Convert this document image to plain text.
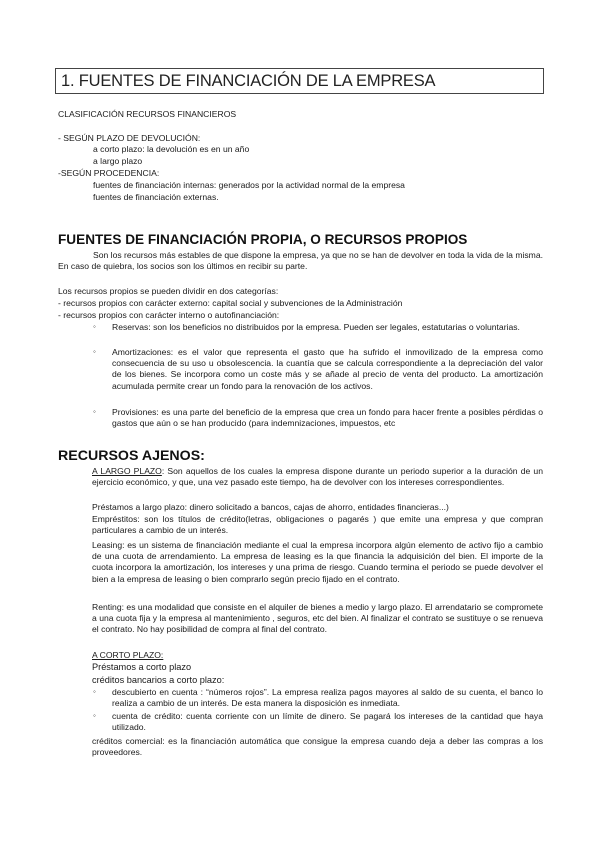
1. FUENTES DE FINANCIACIÓN DE LA EMPRESA
CLASIFICACIÓN RECURSOS FINANCIEROS
- SEGÚN PLAZO DE DEVOLUCIÓN:
a corto plazo: la devolución es en un año
a largo plazo
-SEGÚN PROCEDENCIA:
fuentes de financiación internas: generados por la actividad normal de la empresa
fuentes de financiación externas.
FUENTES DE FINANCIACIÓN PROPIA, O RECURSOS PROPIOS
Son los recursos más estables de que dispone la empresa, ya que no se han de devolver en toda la vida de la misma. En caso de quiebra, los socios son los últimos en recibir su parte.
Los recursos propios se pueden dividir en dos categorías:
- recursos propios con carácter externo: capital social y subvenciones de la Administración
- recursos propios con carácter interno o autofinanciación:
◦ Reservas: son los beneficios no distribuidos por la empresa. Pueden ser legales, estatutarias o voluntarias.
◦ Amortizaciones: es el valor que representa el gasto que ha sufrido el inmovilizado de la empresa como consecuencia de su uso u obsolescencia. la cuantía que se calcula correspondiente a la depreciación del valor de los bienes. Se incorpora como un coste más y se añade al precio de venta del producto. La amortización acumulada permite crear un fondo para la renovación de los activos.
◦ Provisiones: es una parte del beneficio de la empresa que crea un fondo para hacer frente a posibles pérdidas o gastos que aún o se han producido (para indemnizaciones, impuestos, etc
RECURSOS AJENOS:
A LARGO PLAZO: Son aquellos de los cuales la empresa dispone durante un periodo superior a la duración de un ejercicio económico, y que, una vez pasado este tiempo, ha de devolver con los intereses correspondientes.
Préstamos a largo plazo: dinero solicitado a bancos, cajas de ahorro, entidades financieras...)
Empréstitos: son los títulos de crédito(letras, obligaciones o pagarés ) que emite una empresa y que compran particulares a cambio de un interés.
Leasing: es un sistema de financiación mediante el cual la empresa incorpora algún elemento de activo fijo a cambio de una cuota de arrendamiento. La empresa de leasing es la que financia la adquisición del bien. El importe de la cuota incorpora la amortización, los intereses y una prima de riesgo. Cuando termina el periodo se puede devolver el bien a la empresa de leasing o bien comprarlo según precio fijado en el contrato.
Renting: es una modalidad que consiste en el alquiler de bienes a medio y largo plazo. El arrendatario se compromete a una cuota fija y la empresa al mantenimiento , seguros, etc del bien. Al finalizar el contrato se sustituye o se renueva el contrato. No hay posibilidad de compra al final del contrato.
A CORTO PLAZO:
Préstamos a corto plazo
créditos bancarios a corto plazo:
◦ descubierto en cuenta : “números rojos”. La empresa realiza pagos mayores al saldo de su cuenta, el banco lo realiza a cambio de un interés. De esta manera la disposición es inmediata.
◦ cuenta de crédito: cuenta corriente con un límite de dinero. Se pagará los intereses de la cantidad que haya utilizado.
créditos comercial: es la financiación automática que consigue la empresa cuando deja a deber las compras a los proveedores.
